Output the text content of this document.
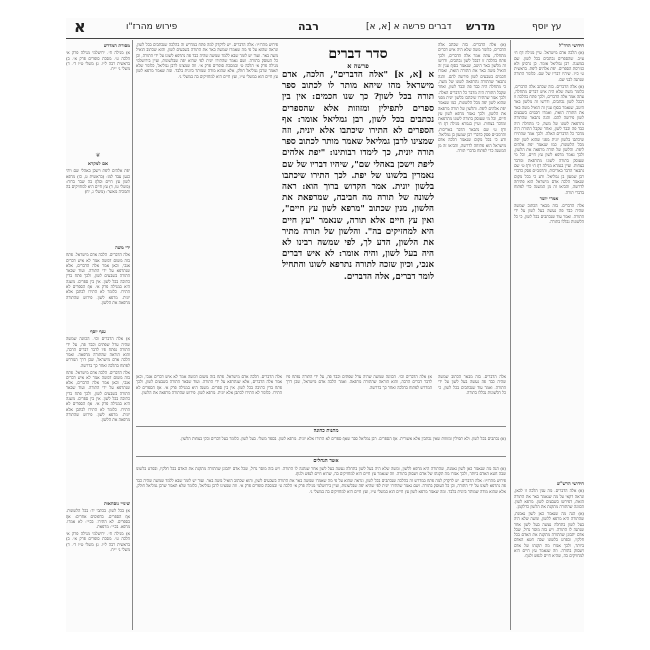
א	פירוש מהרז"ו	רבה	דברים פרשה א [א, א] מדרש	עץ יוסף
סדר דברים
פרשה א
א [א, א] "אלה הדברים", הלכה, אדם מישראל מהו שיהא מותר לו לכתוב ספר תורה בכל לשון? כך שנו חכמים: אין בין ספרים לתפילין ומזוזות אלא שהספרים נכתבים בכל לשון, רבן גמליאל אומר: אף הספרים לא התירו שיכתבו אלא יונית, וזה שמצינו לרבן גמליאל שאמר מותר לכתוב ספר תורה יונית, כך לימדו רבותינו: "יפת אלהים ליפת וישכן באהלי שם", שיהיו דבריו של שם נאמרין בלשונו של יפת. לכך התירו שיכתבו בלשון יונית. אמר הקדוש ברוך הוא: ראה לשונה של תורה מה חביבה, שמרפאת את הלשון, מנין שכתוב "מרפא לשון עץ חיים", ואין עץ חיים אלא תורה, שנאמר "עץ חיים היא למחזיקים בה". והלשון של תורה מתיר את הלשון, הדע לך, לפי שמשה רבינו לא היה בעל לשון, והיה אומר: לא איש דברים אנכי, וכיון שזכה לתורה נתרפא לשונו והתחיל לומר דברים, אלה הדברים.

(א) אלה הדברים. בזה שכתב אלה הדברים, כלומר משה שלא היה איש דברים מתחלה, עתה אמר אלה הדברים, ולכך פתח בהלכה זו דבכל לשון נכתבים, ודרשו זה מלשון באר היטב, שנאמר בסוף ענין זה הואיל משה באר את התורה הזאת, ואמרו חכמים בשבעים לשון פירשה להם. והנה נתבאר שהתורה נתרפאה לשונו של משה, כי מתחלה היה כבד פה וכבד לשון, ואחר שקבל התורה היה מדבר כל הדברים האלה. ולכך אמר שהתירו שיכתבו בלשון יונית מפני שהוא לשון יפה מכל הלשונות, כמו שנאמר יפת אלהים ליפת. והלשון של תורה מרפאה את הלשון, ולכך נאמר מרפא לשון עץ חיים, וכל מי שעוסק בתורה לשונו מתרפאת ומדבר בצחות. ועיין בגמרא מגילה דף ח' ודף ט' שם נתבאר הדבר באריכות, והרמב"ם פסק כדברי רבן שמעון בן גמליאל. ודע כי בכל מקום שנאמר הלכה אדם מישראל הוא פתיחה לדרשה, והביאו זה מן המשנה כדי לפתוח בדברי תורה.

פירוש מהרז"ו: אלה הדברים. יש לדקדק למה פתח במדרש זה בהלכה שנכתבים בכל לשון, ונראה שהוא על פי מה שאמרו שמשה באר את התורה בשבעים לשון, והוא שכתוב הואיל משה באר. ועוד יש לומר שבא ללמד שמשה שהיה כבד פה נתרפא לשונו על ידי התורה, וכן כל העוסק בתורה. ושם נאמר שהתירו יונית לפי שהיא יפה שבלשונות, ועיין בירושלמי מגילה פרק א' הלכה ט' ובמסכת סופרים פרק א'. וזה שמצינו לרבן גמליאל, כלומר שלא תאמר שרבן גמליאל חולק, אלא שהוא מודה שמותר ביונית בלבד. ומה שאמר מרפא לשון עץ חיים הוא במשלי ט"ו, ועץ חיים היא למחזיקים בה במשלי ג'.

א) אלה הדברים וכו'. הכוונה שמשה שהיה ערל שפתים וכבד פה, על ידי התורה נפתח פיו לדבר דברים הרבה, והוא הוראה שהתורה מרפאה. ואמר הלכה אדם מישראל, שכן דרך המדרש לפתוח בהלכה ואחר כך בדרשה.

אלה הדברים. הלכה אדם מישראל. פתח בזה משום דמשה אמר לא איש דברים אנכי, וכאן אמר אלה הדברים, אלא שנתרפא על ידי התורה. ועוד שבאר התורה בשבעים לשון, ולכך פתח בדין כתיבה בכל לשון. אין בין ספרים. משנה היא במגילה פרק א'. אף הספרים לא התירו. כלומר לא התירו לכתבן אלא יונית. מרפא לשון. פירוש שהתורה מרפאה את הלשון.

אלה הדברים. בזה מבאר הכתוב שמשה שהיה כבד פה נעשה בעל לשון על ידי התורה. ואמר עוד שנכתבים בכל לשון, כי כל הלשונות נכללו בתורה.

מתנות כהונה

(א) נכתבים בכל לשון. ולא תפילין ומזוזות שאין נכתבין אלא אשורית. אף הספרים. רבן גמליאל סבר שאף ספרים לא התירו אלא יונית. מרפא לשון. בספר משלי. בעל לשון. כלומר בעל דברים ובקי בצחות הלשון.

אשד הנחלים

(א) הנה מה שנאמר כאן לשון נאמנת, שהתורה היא מרפא ללשון, ומשה שלא היה בעל לשון בתחלה נעשה בעל לשון אחר שנתנה לו התורה. ויש בזה מוסר גדול, שכל אדם יתבונן שהתורה מתקנת את האדם בכל חלקיו, ובפרט בלשונו שבה חטא האדם ביותר, ולכך אמרו מה תקנתו של אדם ויעסוק בתורה. וזה שנאמר עץ חיים היא למחזיקים בה, שהיא חיים לנפש ולגוף.

פירוש מהרז"ו: אלה הדברים. יש לדקדק למה פתח במדרש זה בהלכה שנכתבים בכל לשון, ונראה שהוא על פי מה שאמרו שמשה באר את התורה בשבעים לשון, והוא שכתוב הואיל משה באר. ועוד יש לומר שבא ללמד שמשה שהיה כבד פה נתרפא לשונו על ידי התורה, וכן כל העוסק בתורה. ושם נאמר שהתירו יונית לפי שהיא יפה שבלשונות, ועיין בירושלמי מגילה פרק א' הלכה ט' ובמסכת סופרים פרק א'. וזה שמצינו לרבן גמליאל, כלומר שלא תאמר שרבן גמליאל חולק, אלא שהוא מודה שמותר ביונית בלבד. ומה שאמר מרפא לשון עץ חיים הוא במשלי ט"ו, ועץ חיים היא למחזיקים בה במשלי ג'.

חידושי הרד"ל

(א) הלכה אדם מישראל. עיין מגילה דף ח' ע"ב. שהספרים נכתבים בכל לשון. שם במשנה. רבן גמליאל אומר. כן גרסינן ולא כגירסת הספרים. יפת אלהים ליפת. בראשית ט' כ"ז. שיהיו דבריו של שם. כלומר התורה שנתנה לבני שם.

(א) אלה הדברים. בזה שכתב אלה הדברים, כלומר משה שלא היה איש דברים מתחלה, עתה אמר אלה הדברים, ולכך פתח בהלכה זו דבכל לשון נכתבים, ודרשו זה מלשון באר היטב, שנאמר בסוף ענין זה הואיל משה באר את התורה הזאת, ואמרו חכמים בשבעים לשון פירשה להם. והנה נתבאר שהתורה נתרפאה לשונו של משה, כי מתחלה היה כבד פה וכבד לשון, ואחר שקבל התורה היה מדבר כל הדברים האלה. ולכך אמר שהתירו שיכתבו בלשון יונית מפני שהוא לשון יפה מכל הלשונות, כמו שנאמר יפת אלהים ליפת. והלשון של תורה מרפאה את הלשון, ולכך נאמר מרפא לשון עץ חיים, וכל מי שעוסק בתורה לשונו מתרפאת ומדבר בצחות. ועיין בגמרא מגילה דף ח' ודף ט' שם נתבאר הדבר באריכות, והרמב"ם פסק כדברי רבן שמעון בן גמליאל. ודע כי בכל מקום שנאמר הלכה אדם מישראל הוא פתיחה לדרשה, והביאו זה מן המשנה כדי לפתוח בדברי תורה.

אמרי יושר

אלה הדברים. בזה מבאר הכתוב שמשה שהיה כבד פה נעשה בעל לשון על ידי התורה. ואמר עוד שנכתבים בכל לשון, כי כל הלשונות נכללו בתורה.

חידושי הרש"ש

(א) אלה הדברים. מה ענין הלכה זו לכאן, ונראה דקאי על מה שנאמר באר את התורה הזאת, דפירשו בשבעים לשון. מרפא לשון. הכוונה שהתורה מתקנת את הלשון כדלקמן.

(א) הנה מה שנאמר כאן לשון נאמנת, שהתורה היא מרפא ללשון, ומשה שלא היה בעל לשון בתחלה נעשה בעל לשון אחר שנתנה לו התורה. ויש בזה מוסר גדול, שכל אדם יתבונן שהתורה מתקנת את האדם בכל חלקיו, ובפרט בלשונו שבה חטא האדם ביותר, ולכך אמרו מה תקנתו של אדם ויעסוק בתורה. וזה שנאמר עץ חיים היא למחזיקים בה, שהיא חיים לנפש ולגוף.

מסורת המדרש

א) מגילה ח'. ירושלמי מגילה פרק א' הלכה ט'. מסכת סופרים פרק א'. ב) בראשית רבה ל"ו. ג) משלי ט"ו ד'. ד) משלי ג' י"ח.

❦
אם למקרא

יפת אלהים ליפת וישכן באהלי שם ויהי כנען עבד למו: (בראשית ט, כז) מרפא לשון עץ חיים וסלף בה שבר ברוח: (משלי טו, ד) עץ חיים היא למחזיקים בה ותמכיה מאשר: (משלי ג, יח)

ידי משה

אלה הדברים. הלכה אדם מישראל. פתח בזה משום דמשה אמר לא איש דברים אנכי, וכאן אמר אלה הדברים, אלא שנתרפא על ידי התורה. ועוד שבאר התורה בשבעים לשון, ולכך פתח בדין כתיבה בכל לשון. אין בין ספרים. משנה היא במגילה פרק א'. אף הספרים לא התירו. כלומר לא התירו לכתבן אלא יונית. מרפא לשון. פירוש שהתורה מרפאה את הלשון.

ענף יוסף

א) אלה הדברים וכו'. הכוונה שמשה שהיה ערל שפתים וכבד פה, על ידי התורה נפתח פיו לדבר דברים הרבה, והוא הוראה שהתורה מרפאה. ואמר הלכה אדם מישראל, שכן דרך המדרש לפתוח בהלכה ואחר כך בדרשה.

אלה הדברים. הלכה אדם מישראל. פתח בזה משום דמשה אמר לא איש דברים אנכי, וכאן אמר אלה הדברים, אלא שנתרפא על ידי התורה. ועוד שבאר התורה בשבעים לשון, ולכך פתח בדין כתיבה בכל לשון. אין בין ספרים. משנה היא במגילה פרק א'. אף הספרים לא התירו. כלומר לא התירו לכתבן אלא יונית. מרפא לשון. פירוש שהתורה מרפאה את הלשון.

שינויי נוסחאות

א) בכל לשון. בכתבי יד: בכל הלשונות. אף הספרים. בדפוסים אחרים: אף בספרים. לא התירו. בכ"י: לא אמרו. מרפא. בכ"י: מרפאת.

א) מגילה ח'. ירושלמי מגילה פרק א' הלכה ט'. מסכת סופרים פרק א'. ב) בראשית רבה ל"ו. ג) משלי ט"ו ד'. ד) משלי ג' י"ח.
